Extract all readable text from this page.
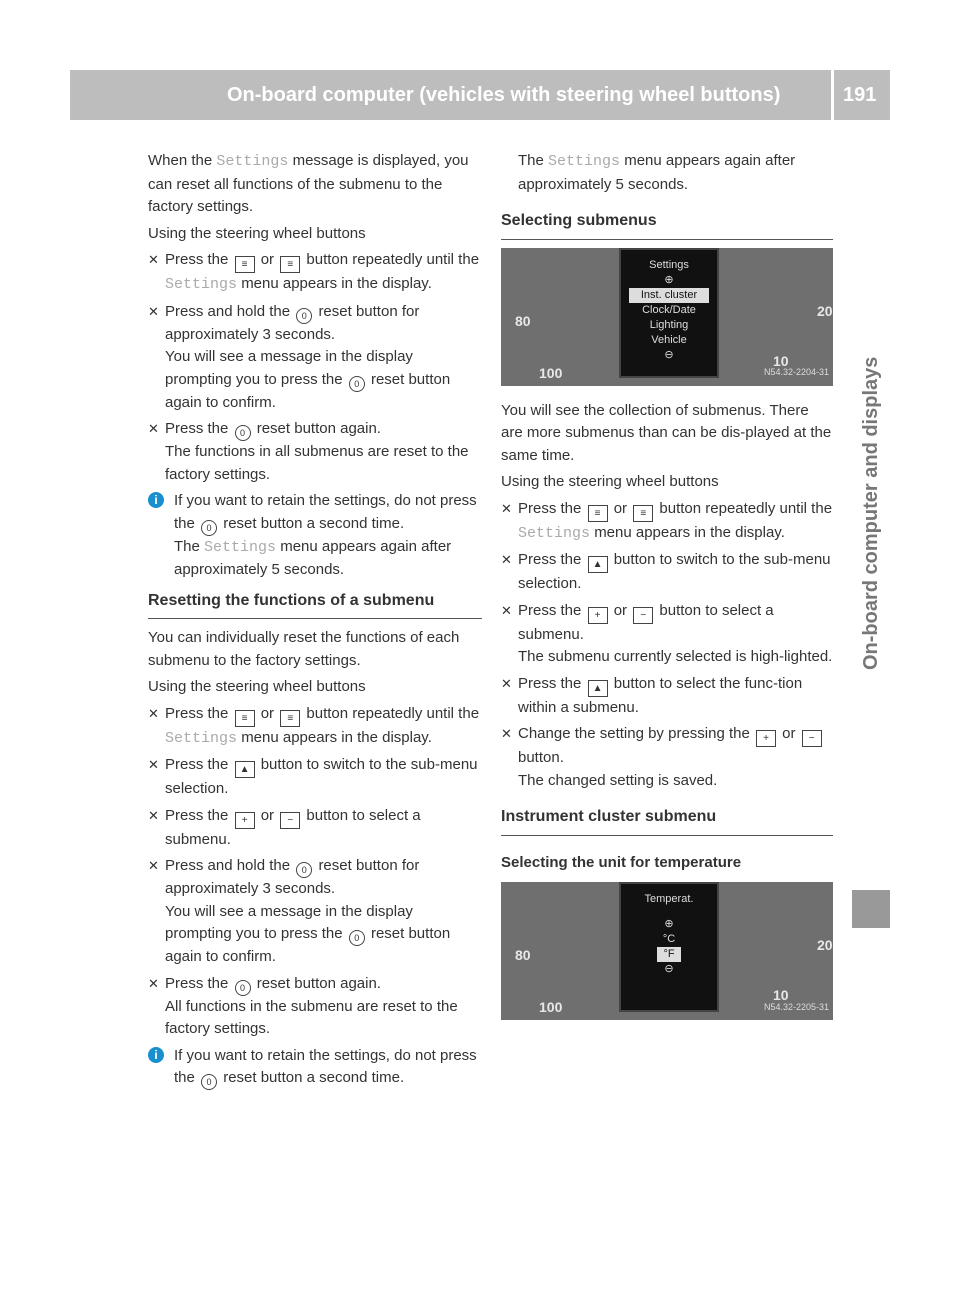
On-board computer (vehicles with steering wheel buttons)	191
On-board computer and displays

When the Settings message is displayed, you can reset all functions of the submenu to the factory settings.

Using the steering wheel buttons

✕ Press the ≡ or ≡ button repeatedly until the Settings menu appears in the display.
✕ Press and hold the 0 reset button for approximately 3 seconds.
You will see a message in the display prompting you to press the 0 reset button again to confirm.
✕ Press the 0 reset button again.
The functions in all submenus are reset to the factory settings.
i	If you want to retain the settings, do not press the 0 reset button a second time.
The Settings menu appears again after approximately 5 seconds.
Resetting the functions of a submenu

You can individually reset the functions of each submenu to the factory settings.

Using the steering wheel buttons

✕ Press the ≡ or ≡ button repeatedly until the Settings menu appears in the display.
✕ Press the ▲ button to switch to the sub-menu selection.
✕ Press the + or − button to select a submenu.
✕ Press and hold the 0 reset button for approximately 3 seconds.
You will see a message in the display prompting you to press the 0 reset button again to confirm.
✕ Press the 0 reset button again.
All functions in the submenu are reset to the factory settings.
i	If you want to retain the settings, do not press the 0 reset button a second time.

The Settings menu appears again after approximately 5 seconds.

Selecting submenus
80
100
10
20
Settings
⊕
Inst. cluster
Clock/Date
Lighting
Vehicle
⊖
N54.32-2204-31

You will see the collection of submenus. There are more submenus than can be dis-played at the same time.

Using the steering wheel buttons

✕ Press the ≡ or ≡ button repeatedly until the Settings menu appears in the display.
✕ Press the ▲ button to switch to the sub-menu selection.
✕ Press the + or − button to select a submenu.
The submenu currently selected is high-lighted.
✕ Press the ▲ button to select the func-tion within a submenu.
✕ Change the setting by pressing the + or − button.
The changed setting is saved.
Instrument cluster submenu
Selecting the unit for temperature
80
100
10
20
Temperat.
⊕
°C
°F
⊖
N54.32-2205-31
